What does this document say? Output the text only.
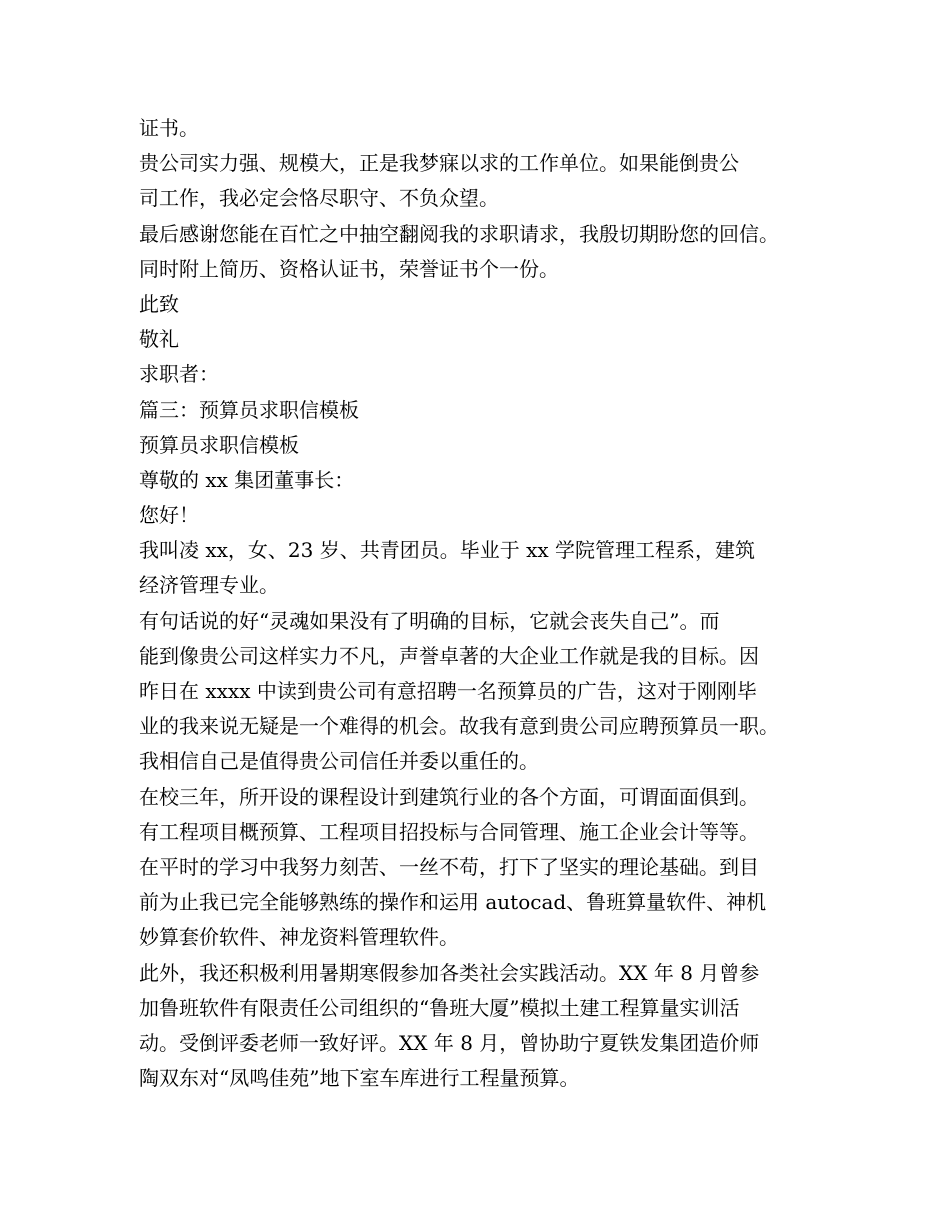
证书。
贵公司实力强、规模大，正是我梦寐以求的工作单位。如果能倒贵公
司工作，我必定会恪尽职守、不负众望。
最后感谢您能在百忙之中抽空翻阅我的求职请求，我殷切期盼您的回信。
同时附上简历、资格认证书，荣誉证书个一份。
此致
敬礼
求职者：
篇三：预算员求职信模板
预算员求职信模板
尊敬的 xx 集团董事长：
您好！
我叫凌 xx，女、23 岁、共青团员。毕业于 xx 学院管理工程系，建筑
经济管理专业。
有句话说的好“灵魂如果没有了明确的目标，它就会丧失自己”。而
能到像贵公司这样实力不凡，声誉卓著的大企业工作就是我的目标。因
昨日在 xxxx 中读到贵公司有意招聘一名预算员的广告，这对于刚刚毕
业的我来说无疑是一个难得的机会。故我有意到贵公司应聘预算员一职。
我相信自己是值得贵公司信任并委以重任的。
在校三年，所开设的课程设计到建筑行业的各个方面，可谓面面俱到。
有工程项目概预算、工程项目招投标与合同管理、施工企业会计等等。
在平时的学习中我努力刻苦、一丝不苟，打下了坚实的理论基础。到目
前为止我已完全能够熟练的操作和运用 autocad、鲁班算量软件、神机
妙算套价软件、神龙资料管理软件。
此外，我还积极利用暑期寒假参加各类社会实践活动。XX 年 8 月曾参
加鲁班软件有限责任公司组织的“鲁班大厦”模拟土建工程算量实训活
动。受倒评委老师一致好评。XX 年 8 月，曾协助宁夏铁发集团造价师
陶双东对“凤鸣佳苑”地下室车库进行工程量预算。
